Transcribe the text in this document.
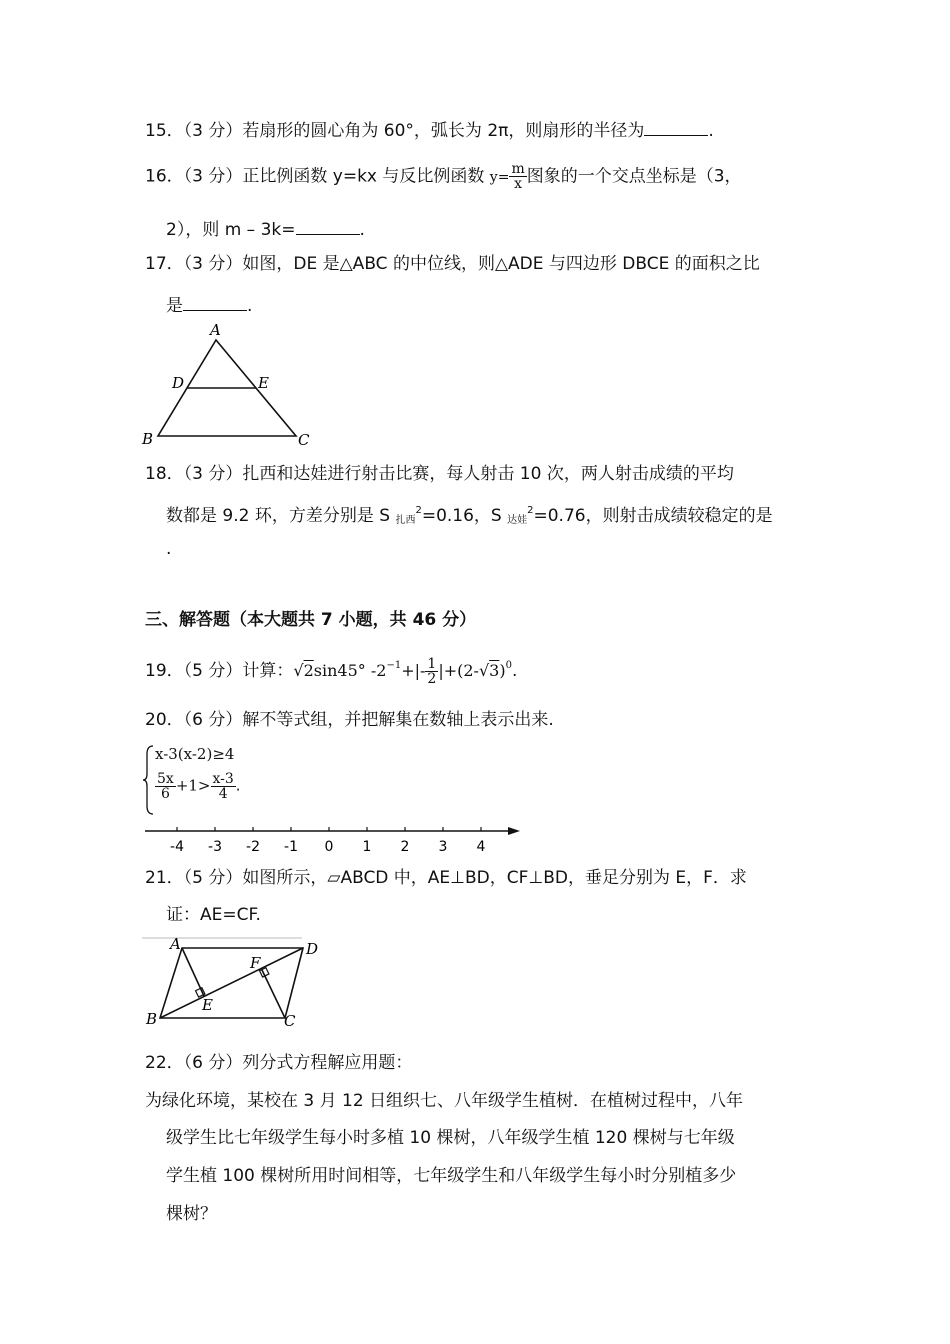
15．（3 分）若扇形的圆心角为 60°，弧长为 2π，则扇形的半径为	.
16．（3 分）正比例函数 y=kx 与反比例函数 $y= \frac{m}{x}$ 图象的一个交点坐标是（3，
2），则 m – 3k=	.
17．（3 分）如图，DE 是△ABC 的中位线，则△ADE 与四边形 DBCE 的面积之比
是	.
A
D	E
B	C
18．（3 分）扎西和达娃进行射击比赛，每人射击 10 次，两人射击成绩的平均
数都是 9.2 环，方差分别是 S $_{扎西}^2$=0.16，S $_{达娃}^2$=0.76，则射击成绩较稳定的是
.
三、解答题（本大题共 7 小题，共 46 分）
19．（5 分）计算：√2sin45° $-2^{-1}+|- \frac{1}{2} |+(2-√3)^0$.
20．（6 分）解不等式组，并把解集在数轴上表示出来.
x-3(x-2)≥4
$\frac{5x}{6} +1> \frac{x-3}{4}$ .
-4 -3 -2 -1 0 1 2 3 4
21．（5 分）如图所示，▱ABCD 中，AE⊥BD，CF⊥BD，垂足分别为 E，F．求
证：AE=CF.
A	D
F
E
B	C
22．（6 分）列分式方程解应用题：
为绿化环境，某校在 3 月 12 日组织七、八年级学生植树．在植树过程中，八年
级学生比七年级学生每小时多植 10 棵树，八年级学生植 120 棵树与七年级
学生植 100 棵树所用时间相等，七年级学生和八年级学生每小时分别植多少
棵树？
